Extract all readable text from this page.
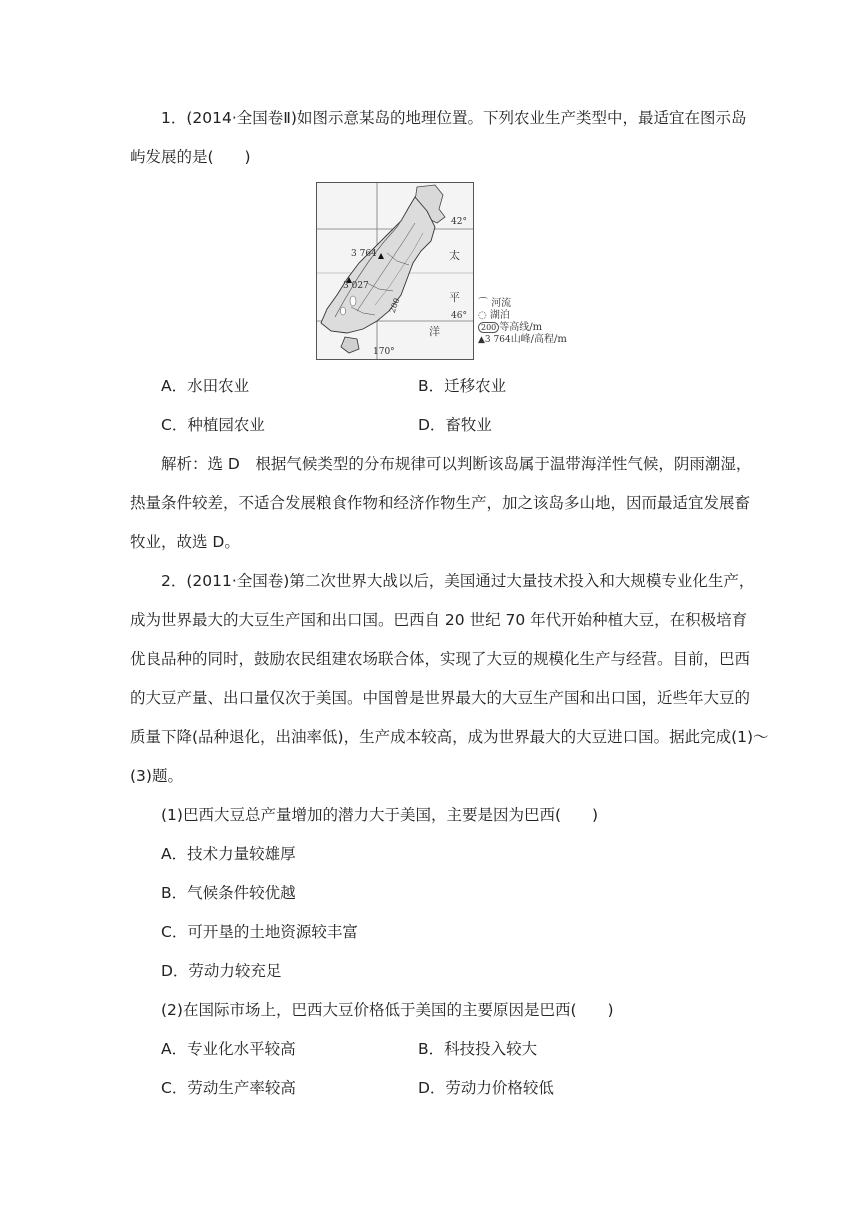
1．(2014·全国卷Ⅱ)如图示意某岛的地理位置。下列农业生产类型中，最适宜在图示岛
屿发展的是(　　)
3 764
3 027
42°
46°
170°
太
平
洋
200	⌒ 河流
◌ 湖泊
200 等高线/m
▲3 764山峰/高程/m
A．水田农业	B．迁移农业
C．种植园农业	D．畜牧业
解析：选 D　根据气候类型的分布规律可以判断该岛属于温带海洋性气候，阴雨潮湿，
热量条件较差，不适合发展粮食作物和经济作物生产，加之该岛多山地，因而最适宜发展畜
牧业，故选 D。
2．(2011·全国卷)第二次世界大战以后，美国通过大量技术投入和大规模专业化生产，
成为世界最大的大豆生产国和出口国。巴西自 20 世纪 70 年代开始种植大豆，在积极培育
优良品种的同时，鼓励农民组建农场联合体，实现了大豆的规模化生产与经营。目前，巴西
的大豆产量、出口量仅次于美国。中国曾是世界最大的大豆生产国和出口国，近些年大豆的
质量下降(品种退化，出油率低)，生产成本较高，成为世界最大的大豆进口国。据此完成(1)～
(3)题。
(1)巴西大豆总产量增加的潜力大于美国，主要是因为巴西(　　)
A．技术力量较雄厚
B．气候条件较优越
C．可开垦的土地资源较丰富
D．劳动力较充足
(2)在国际市场上，巴西大豆价格低于美国的主要原因是巴西(　　)
A．专业化水平较高	B．科技投入较大
C．劳动生产率较高	D．劳动力价格较低
